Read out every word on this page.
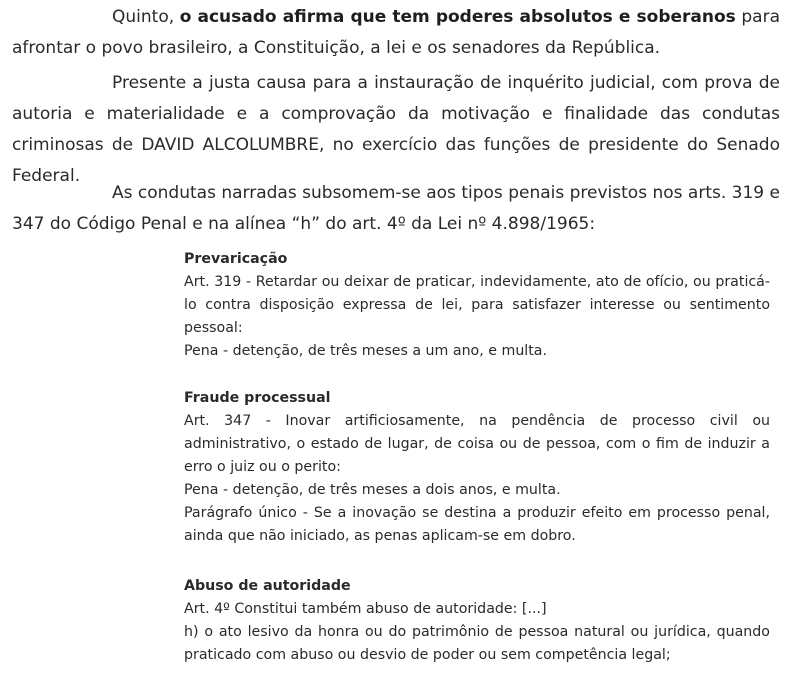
Quinto, o acusado afirma que tem poderes absolutos e soberanos para afrontar o povo brasileiro, a Constituição, a lei e os senadores da República.

Presente a justa causa para a instauração de inquérito judicial, com prova de autoria e materialidade e a comprovação da motivação e finalidade das condutas criminosas de DAVID ALCOLUMBRE, no exercício das funções de presidente do Senado Federal.

As condutas narradas subsomem-se aos tipos penais previstos nos arts. 319 e 347 do Código Penal e na alínea “h” do art. 4º da Lei nº 4.898/1965:

Prevaricação
Art. 319 - Retardar ou deixar de praticar, indevidamente, ato de ofício, ou praticá-lo contra disposição expressa de lei, para satisfazer interesse ou sentimento pessoal:
Pena - detenção, de três meses a um ano, e multa.
Fraude processual
Art. 347 - Inovar artificiosamente, na pendência de processo civil ou administrativo, o estado de lugar, de coisa ou de pessoa, com o fim de induzir a erro o juiz ou o perito:
Pena - detenção, de três meses a dois anos, e multa.
Parágrafo único - Se a inovação se destina a produzir efeito em processo penal, ainda que não iniciado, as penas aplicam-se em dobro.
Abuso de autoridade
Art. 4º Constitui também abuso de autoridade: [...]
h) o ato lesivo da honra ou do patrimônio de pessoa natural ou jurídica, quando praticado com abuso ou desvio de poder ou sem competência legal;
